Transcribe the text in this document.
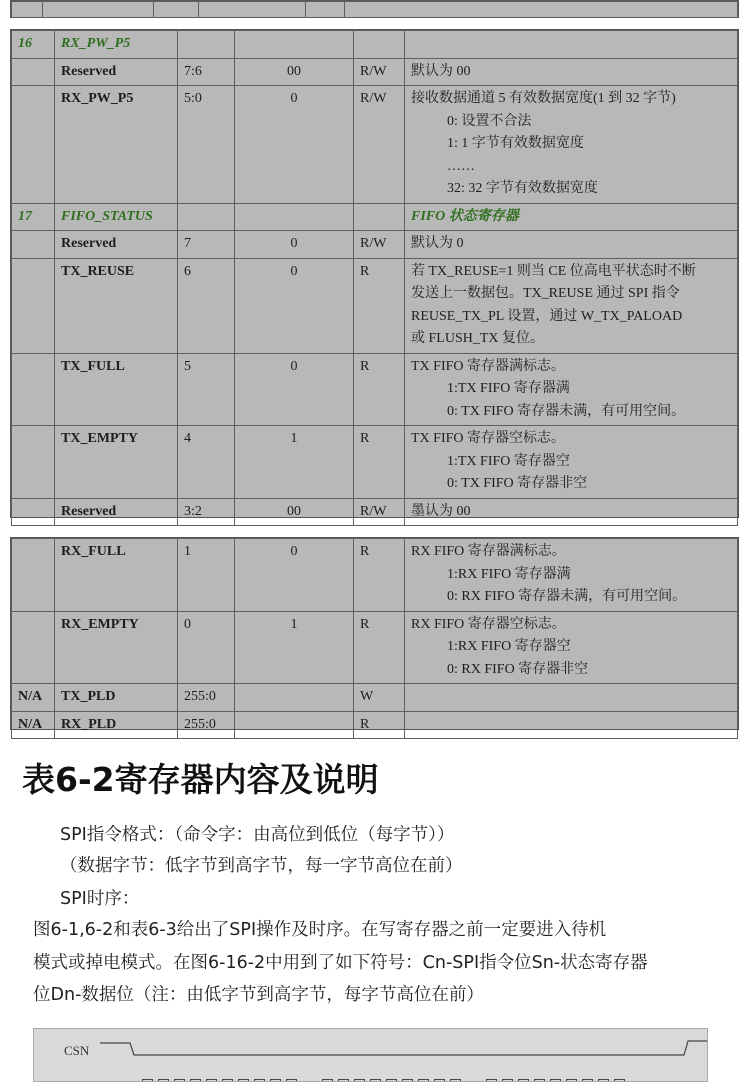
16	RX_PW_P5				
	Reserved	7:6	00	R/W	默认为 00

	RX_PW_P5	5:0	0	R/W	接收数据通道 5 有效数据宽度(1 到 32 字节)
0: 设置不合法
1: 1 字节有效数据宽度
……
32: 32 字节有效数据宽度

17	FIFO_STATUS				FIFO 状态寄存器
	Reserved	7	0	R/W	默认为 0

	TX_REUSE	6	0	R	若 TX_REUSE=1 则当 CE 位高电平状态时不断
发送上一数据包。TX_REUSE 通过 SPI 指令
REUSE_TX_PL 设置，通过 W_TX_PALOAD
或 FLUSH_TX 复位。

	TX_FULL	5	0	R	TX FIFO 寄存器满标志。
1:TX FIFO 寄存器满
0: TX FIFO 寄存器未满，有可用空间。

	TX_EMPTY	4	1	R	TX FIFO 寄存器空标志。
1:TX FIFO 寄存器空
0: TX FIFO 寄存器非空

	Reserved	3:2	00	R/W	墨认为 00
	RX_FULL	1	0	R	RX FIFO 寄存器满标志。
1:RX FIFO 寄存器满
0: RX FIFO 寄存器未满，有可用空间。

	RX_EMPTY	0	1	R	RX FIFO 寄存器空标志。
1:RX FIFO 寄存器空
0: RX FIFO 寄存器非空

N/A	TX_PLD	255:0		W	

N/A	RX_PLD	255:0		R	
表6-2寄存器内容及说明
SPI指令格式：（命令字：由高位到低位（每字节））
（数据字节：低字节到高字节，每一字节高位在前）
SPI时序：
图6-1,6-2和表6-3给出了SPI操作及时序。在写寄存器之前一定要进入待机
模式或掉电模式。在图6-16-2中用到了如下符号：Cn-SPI指令位Sn-状态寄存器
位Dn-数据位（注：由低字节到高字节，每字节高位在前）
CSN
